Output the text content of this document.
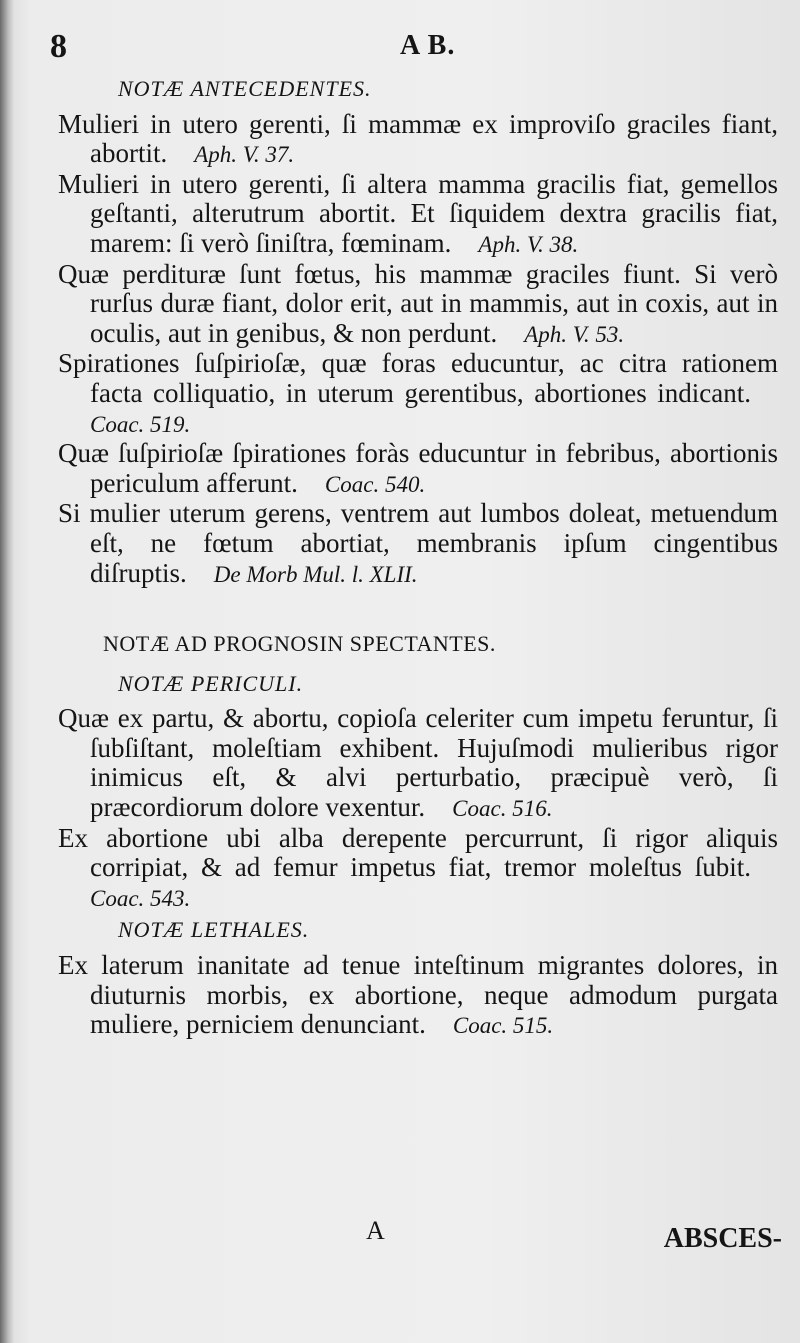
8	A B.
NOTÆ ANTECEDENTES.

Mulieri in utero gerenti, ſi mammæ ex improviſo graciles fiant, abortit.  Aph. V. 37.

Mulieri in utero gerenti, ſi altera mamma gracilis fiat, gemellos geſtanti, alterutrum abortit. Et ſiquidem dextra gracilis fiat, marem: ſi verò ſiniſtra, fœminam.  Aph. V. 38.

Quæ perdituræ ſunt fœtus, his mammæ graciles fiunt. Si verò rurſus duræ fiant, dolor erit, aut in mammis, aut in coxis, aut in oculis, aut in genibus, & non perdunt.  Aph. V. 53.

Spirationes ſuſpirioſæ, quæ foras educuntur, ac citra rationem facta colliquatio, in uterum gerentibus, abortiones indicant. Coac. 519.

Quæ ſuſpirioſæ ſpirationes foràs educuntur in febribus, abortionis periculum afferunt.  Coac. 540.

Si mulier uterum gerens, ventrem aut lumbos doleat, metuendum eſt, ne fœtum abortiat, membranis ipſum cingentibus diſruptis.  De Morb Mul. l. XLII.

NOTÆ AD PROGNOSIN SPECTANTES.
NOTÆ PERICULI.

Quæ ex partu, & abortu, copioſa celeriter cum impetu feruntur, ſi ſubſiſtant, moleſtiam exhibent. Hujuſmodi mulieribus rigor inimicus eſt, & alvi perturbatio, præcipuè verò, ſi præcordiorum dolore vexentur.  Coac. 516.

Ex abortione ubi alba derepente percurrunt, ſi rigor aliquis corripiat, & ad femur impetus fiat, tremor moleſtus ſubit. Coac. 543.

NOTÆ LETHALES.

Ex laterum inanitate ad tenue inteſtinum migrantes dolores, in diuturnis morbis, ex abortione, neque admodum purgata muliere, perniciem denunciant.  Coac. 515.

A	ABSCES-
